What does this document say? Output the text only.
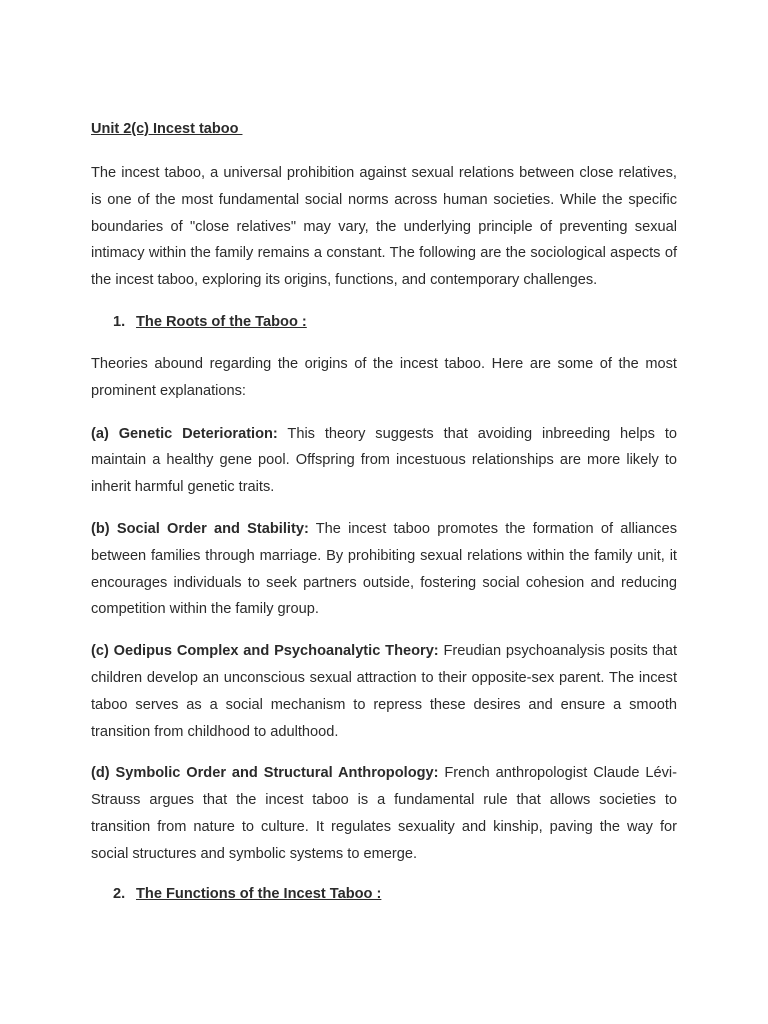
Unit 2(c) Incest taboo

The incest taboo, a universal prohibition against sexual relations between close relatives, is one of the most fundamental social norms across human societies. While the specific boundaries of "close relatives" may vary, the underlying principle of preventing sexual intimacy within the family remains a constant. The following are the sociological aspects of the incest taboo, exploring its origins, functions, and contemporary challenges.

1. The Roots of the Taboo :

Theories abound regarding the origins of the incest taboo. Here are some of the most prominent explanations:

(a) Genetic Deterioration: This theory suggests that avoiding inbreeding helps to maintain a healthy gene pool. Offspring from incestuous relationships are more likely to inherit harmful genetic traits.

(b) Social Order and Stability: The incest taboo promotes the formation of alliances between families through marriage. By prohibiting sexual relations within the family unit, it encourages individuals to seek partners outside, fostering social cohesion and reducing competition within the family group.

(c) Oedipus Complex and Psychoanalytic Theory: Freudian psychoanalysis posits that children develop an unconscious sexual attraction to their opposite-sex parent. The incest taboo serves as a social mechanism to repress these desires and ensure a smooth transition from childhood to adulthood.

(d) Symbolic Order and Structural Anthropology: French anthropologist Claude Lévi-Strauss argues that the incest taboo is a fundamental rule that allows societies to transition from nature to culture. It regulates sexuality and kinship, paving the way for social structures and symbolic systems to emerge.

2. The Functions of the Incest Taboo :
